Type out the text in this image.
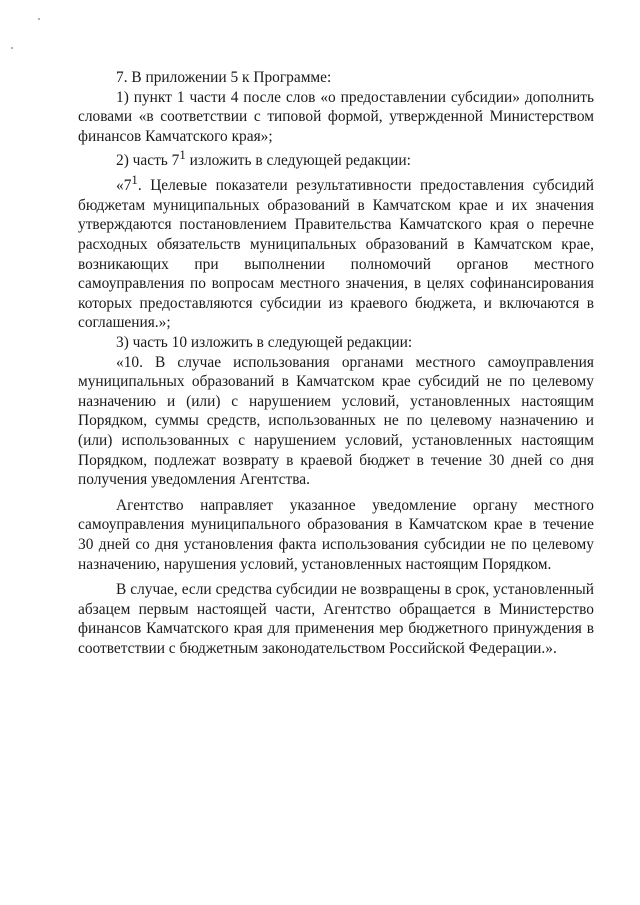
7. В приложении 5 к Программе:

1) пункт 1 части 4 после слов «о предоставлении субсидии» дополнить словами «в соответствии с типовой формой, утвержденной Министерством финансов Камчатского края»;

2) часть $7^1$ изложить в следующей редакции:

«$7^1$. Целевые показатели результативности предоставления субсидий бюджетам муниципальных образований в Камчатском крае и их значения утверждаются постановлением Правительства Камчатского края о перечне расходных обязательств муниципальных образований в Камчатском крае, возникающих при выполнении полномочий органов местного самоуправления по вопросам местного значения, в целях софинансирования которых предоставляются субсидии из краевого бюджета, и включаются в соглашения.»;

3) часть 10 изложить в следующей редакции:

«10. В случае использования органами местного самоуправления муниципальных образований в Камчатском крае субсидий не по целевому назначению и (или) с нарушением условий, установленных настоящим Порядком, суммы средств, использованных не по целевому назначению и (или) использованных с нарушением условий, установленных настоящим Порядком, подлежат возврату в краевой бюджет в течение 30 дней со дня получения уведомления Агентства.

Агентство направляет указанное уведомление органу местного самоуправления муниципального образования в Камчатском крае в течение 30 дней со дня установления факта использования субсидии не по целевому назначению, нарушения условий, установленных настоящим Порядком.

В случае, если средства субсидии не возвращены в срок, установленный абзацем первым настоящей части, Агентство обращается в Министерство финансов Камчатского края для применения мер бюджетного принуждения в соответствии с бюджетным законодательством Российской Федерации.».
